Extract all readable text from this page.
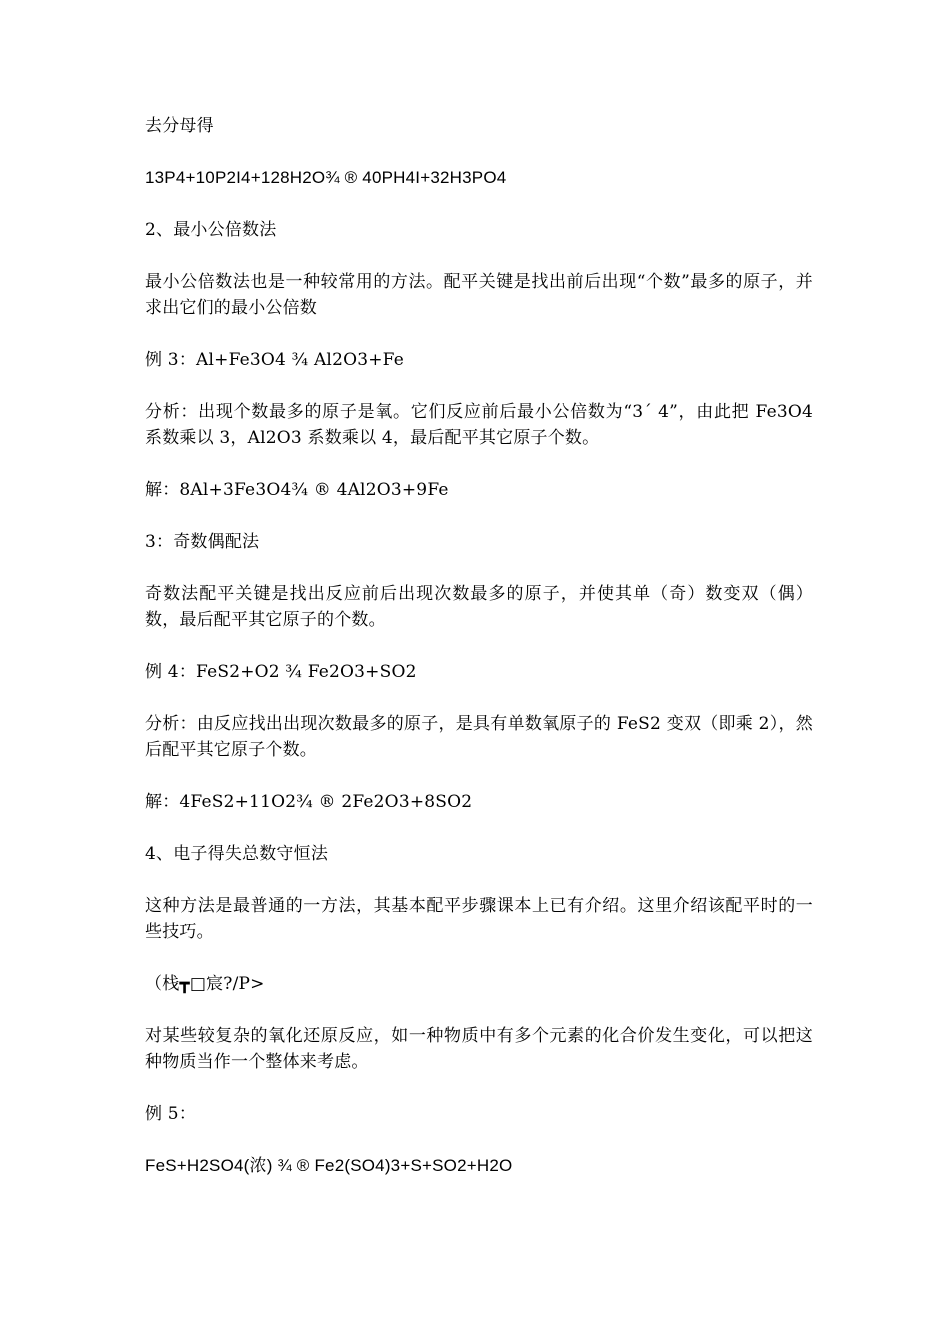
去分母得

13P4+10P2I4+128H2O¾ ® 40PH4I+32H3PO4

2、最小公倍数法

最小公倍数法也是一种较常用的方法。配平关键是找出前后出现“个数”最多的原子，并求出它们的最小公倍数

例 3：Al+Fe3O4 ¾ Al2O3+Fe

分析：出现个数最多的原子是氧。它们反应前后最小公倍数为“3´ 4”，由此把 Fe3O4 系数乘以 3，Al2O3 系数乘以 4，最后配平其它原子个数。

解：8Al+3Fe3O4¾ ® 4Al2O3+9Fe

3：奇数偶配法

奇数法配平关键是找出反应前后出现次数最多的原子，并使其单（奇）数变双（偶）数，最后配平其它原子的个数。

例 4：FeS2+O2 ¾ Fe2O3+SO2

分析：由反应找出出现次数最多的原子，是具有单数氧原子的 FeS2 变双（即乘 2），然后配平其它原子个数。

解：4FeS2+11O2¾ ® 2Fe2O3+8SO2

4、电子得失总数守恒法

这种方法是最普通的一方法，其基本配平步骤课本上已有介绍。这里介绍该配平时的一些技巧。

（栈┳□宸?/P>

对某些较复杂的氧化还原反应，如一种物质中有多个元素的化合价发生变化，可以把这种物质当作一个整体来考虑。

例 5：

FeS+H2SO4(浓) ¾ ® Fe2(SO4)3+S+SO2+H2O
